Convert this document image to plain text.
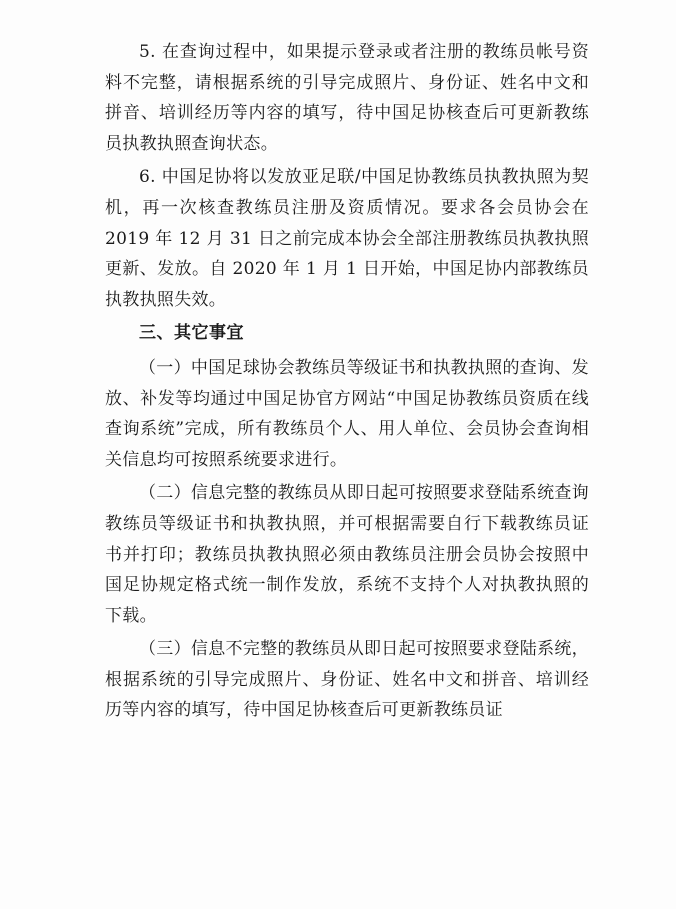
5. 在查询过程中，如果提示登录或者注册的教练员帐号资料不完整，请根据系统的引导完成照片、身份证、姓名中文和拼音、培训经历等内容的填写，待中国足协核查后可更新教练员执教执照查询状态。

6. 中国足协将以发放亚足联/中国足协教练员执教执照为契机，再一次核查教练员注册及资质情况。要求各会员协会在 2019 年 12 月 31 日之前完成本协会全部注册教练员执教执照更新、发放。自 2020 年 1 月 1 日开始，中国足协内部教练员执教执照失效。

三、其它事宜

（一）中国足球协会教练员等级证书和执教执照的查询、发放、补发等均通过中国足协官方网站“中国足协教练员资质在线查询系统”完成，所有教练员个人、用人单位、会员协会查询相关信息均可按照系统要求进行。

（二）信息完整的教练员从即日起可按照要求登陆系统查询教练员等级证书和执教执照，并可根据需要自行下载教练员证书并打印；教练员执教执照必须由教练员注册会员协会按照中国足协规定格式统一制作发放，系统不支持个人对执教执照的下载。

（三）信息不完整的教练员从即日起可按照要求登陆系统，根据系统的引导完成照片、身份证、姓名中文和拼音、培训经历等内容的填写，待中国足协核查后可更新教练员证
